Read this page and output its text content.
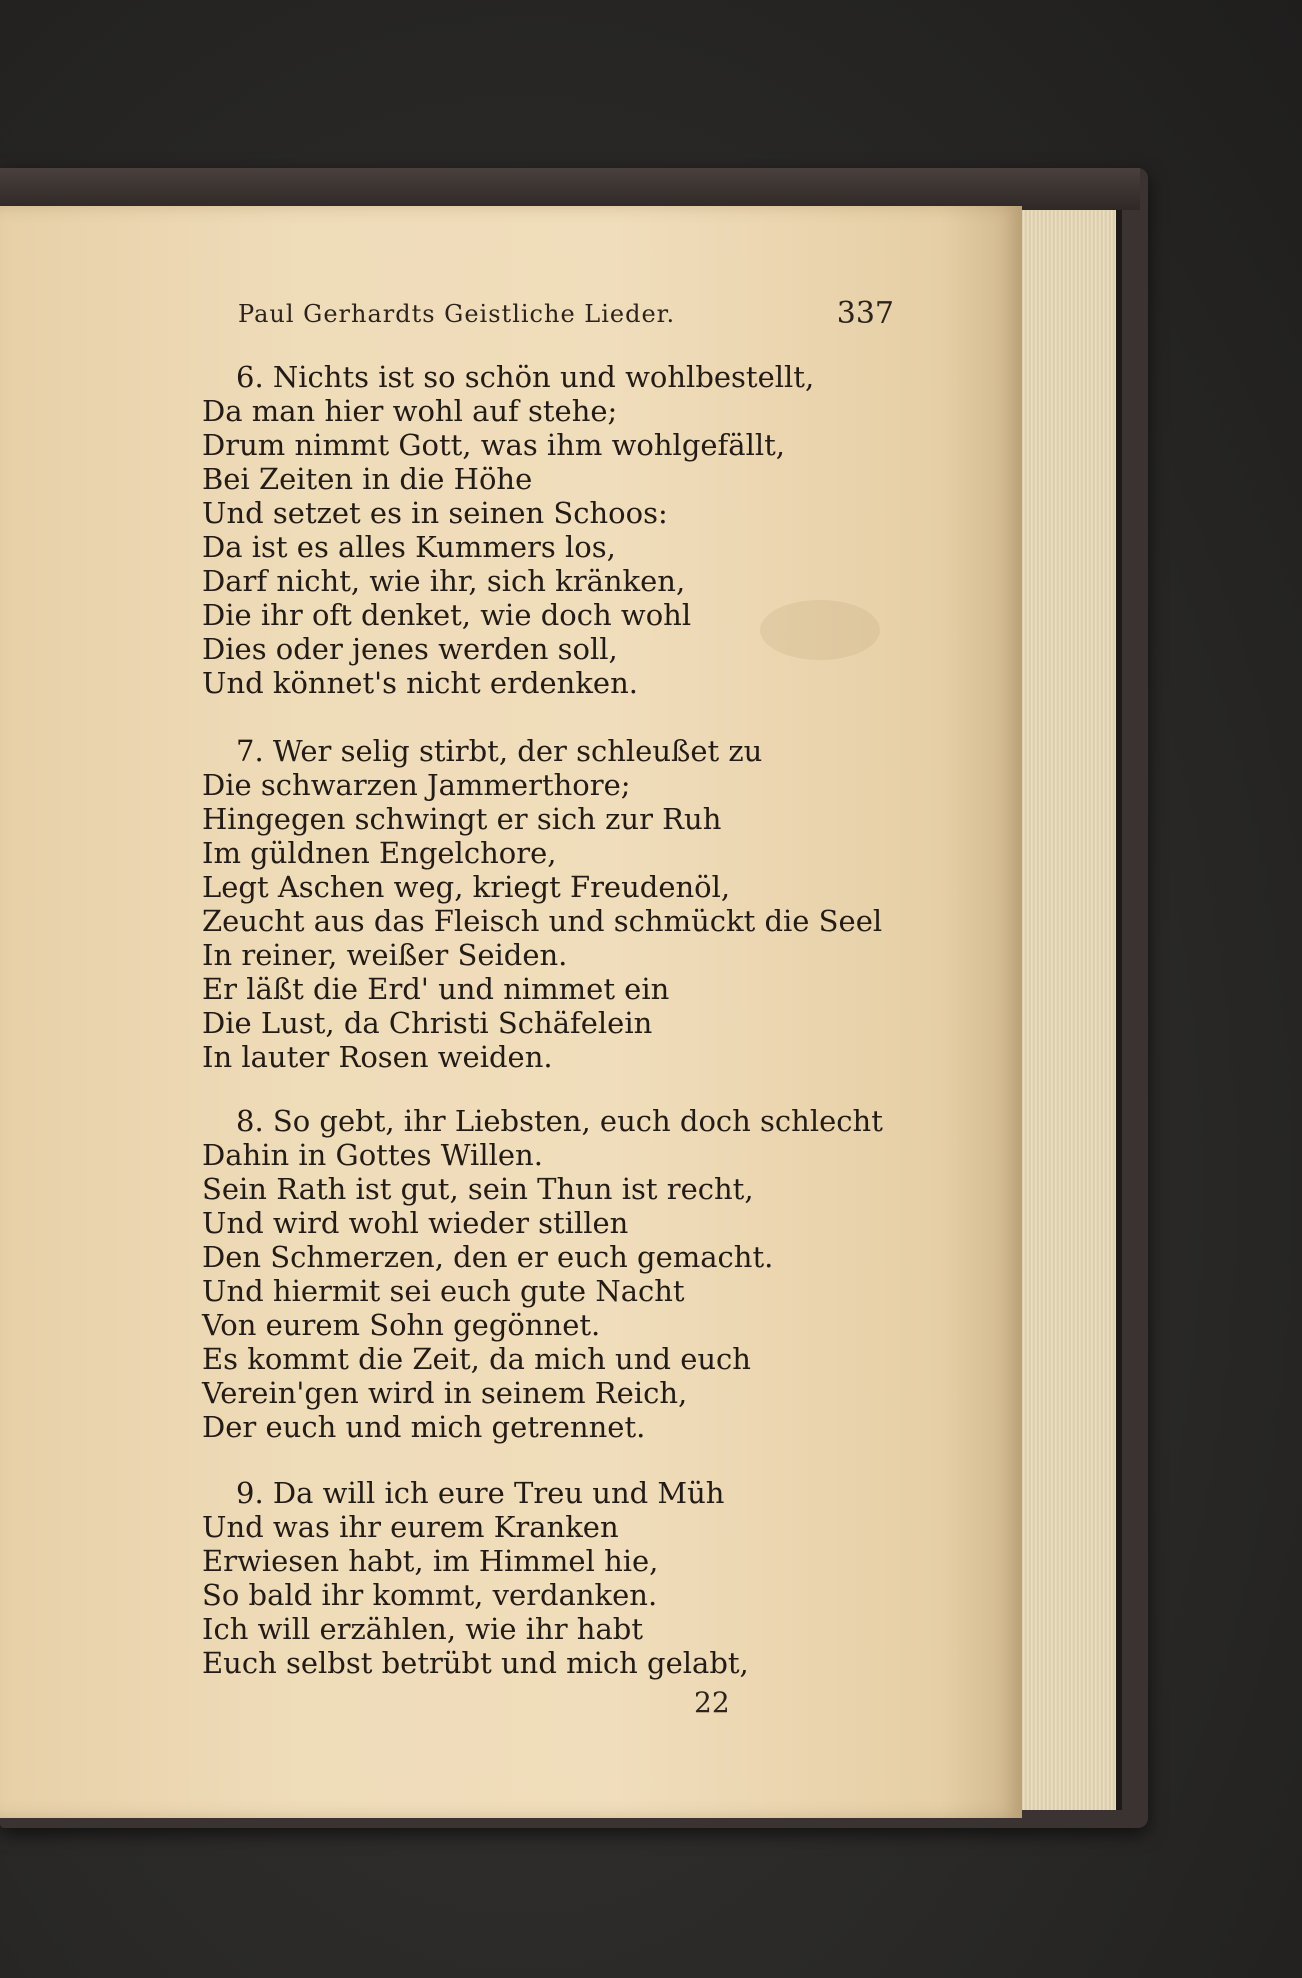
Paul Gerhardts Geistliche Lieder.	337
6. Nichts ist so schön und wohlbestellt,
Da man hier wohl auf stehe;
Drum nimmt Gott, was ihm wohlgefällt,
Bei Zeiten in die Höhe
Und setzet es in seinen Schoos:
Da ist es alles Kummers los,
Darf nicht, wie ihr, sich kränken,
Die ihr oft denket, wie doch wohl
Dies oder jenes werden soll,
Und könnet's nicht erdenken.
7. Wer selig stirbt, der schleußet zu
Die schwarzen Jammerthore;
Hingegen schwingt er sich zur Ruh
Im güldnen Engelchore,
Legt Aschen weg, kriegt Freudenöl,
Zeucht aus das Fleisch und schmückt die Seel
In reiner, weißer Seiden.
Er läßt die Erd' und nimmet ein
Die Lust, da Christi Schäfelein
In lauter Rosen weiden.
8. So gebt, ihr Liebsten, euch doch schlecht
Dahin in Gottes Willen.
Sein Rath ist gut, sein Thun ist recht,
Und wird wohl wieder stillen
Den Schmerzen, den er euch gemacht.
Und hiermit sei euch gute Nacht
Von eurem Sohn gegönnet.
Es kommt die Zeit, da mich und euch
Verein'gen wird in seinem Reich,
Der euch und mich getrennet.
9. Da will ich eure Treu und Müh
Und was ihr eurem Kranken
Erwiesen habt, im Himmel hie,
So bald ihr kommt, verdanken.
Ich will erzählen, wie ihr habt
Euch selbst betrübt und mich gelabt,
22
